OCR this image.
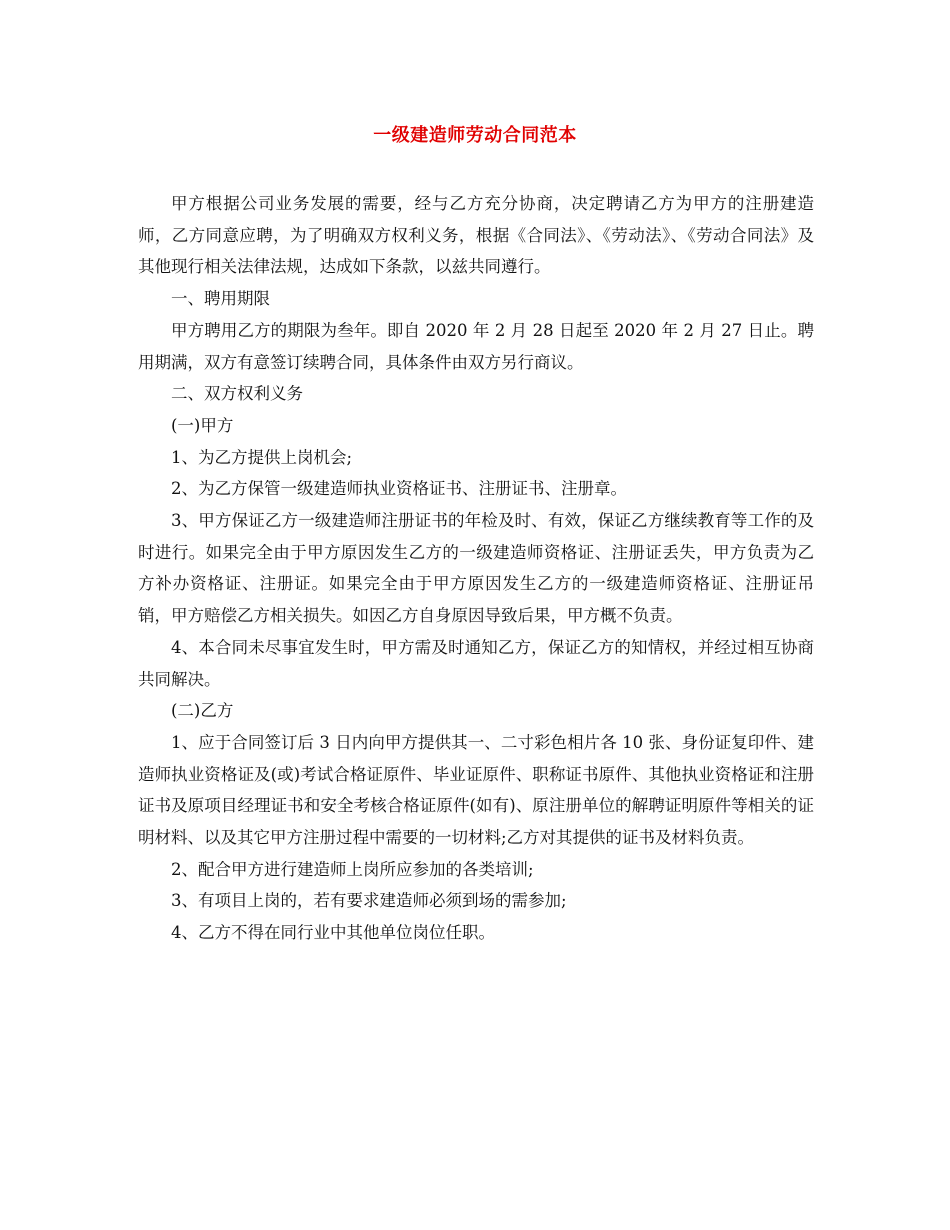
一级建造师劳动合同范本

甲方根据公司业务发展的需要，经与乙方充分协商，决定聘请乙方为甲方的注册建造师，乙方同意应聘，为了明确双方权利义务，根据《合同法》、《劳动法》、《劳动合同法》及其他现行相关法律法规，达成如下条款，以兹共同遵行。

一、聘用期限

甲方聘用乙方的期限为叁年。即自 2020 年 2 月 28 日起至 2020 年 2 月 27 日止。聘用期满，双方有意签订续聘合同，具体条件由双方另行商议。

二、双方权利义务

(一)甲方

1、为乙方提供上岗机会;

2、为乙方保管一级建造师执业资格证书、注册证书、注册章。

3、甲方保证乙方一级建造师注册证书的年检及时、有效，保证乙方继续教育等工作的及时进行。如果完全由于甲方原因发生乙方的一级建造师资格证、注册证丢失，甲方负责为乙方补办资格证、注册证。如果完全由于甲方原因发生乙方的一级建造师资格证、注册证吊销，甲方赔偿乙方相关损失。如因乙方自身原因导致后果，甲方概不负责。

4、本合同未尽事宜发生时，甲方需及时通知乙方，保证乙方的知情权，并经过相互协商共同解决。

(二)乙方

1、应于合同签订后 3 日内向甲方提供其一、二寸彩色相片各 10 张、身份证复印件、建造师执业资格证及(或)考试合格证原件、毕业证原件、职称证书原件、其他执业资格证和注册证书及原项目经理证书和安全考核合格证原件(如有)、原注册单位的解聘证明原件等相关的证明材料、以及其它甲方注册过程中需要的一切材料;乙方对其提供的证书及材料负责。

2、配合甲方进行建造师上岗所应参加的各类培训;

3、有项目上岗的，若有要求建造师必须到场的需参加;

4、乙方不得在同行业中其他单位岗位任职。
